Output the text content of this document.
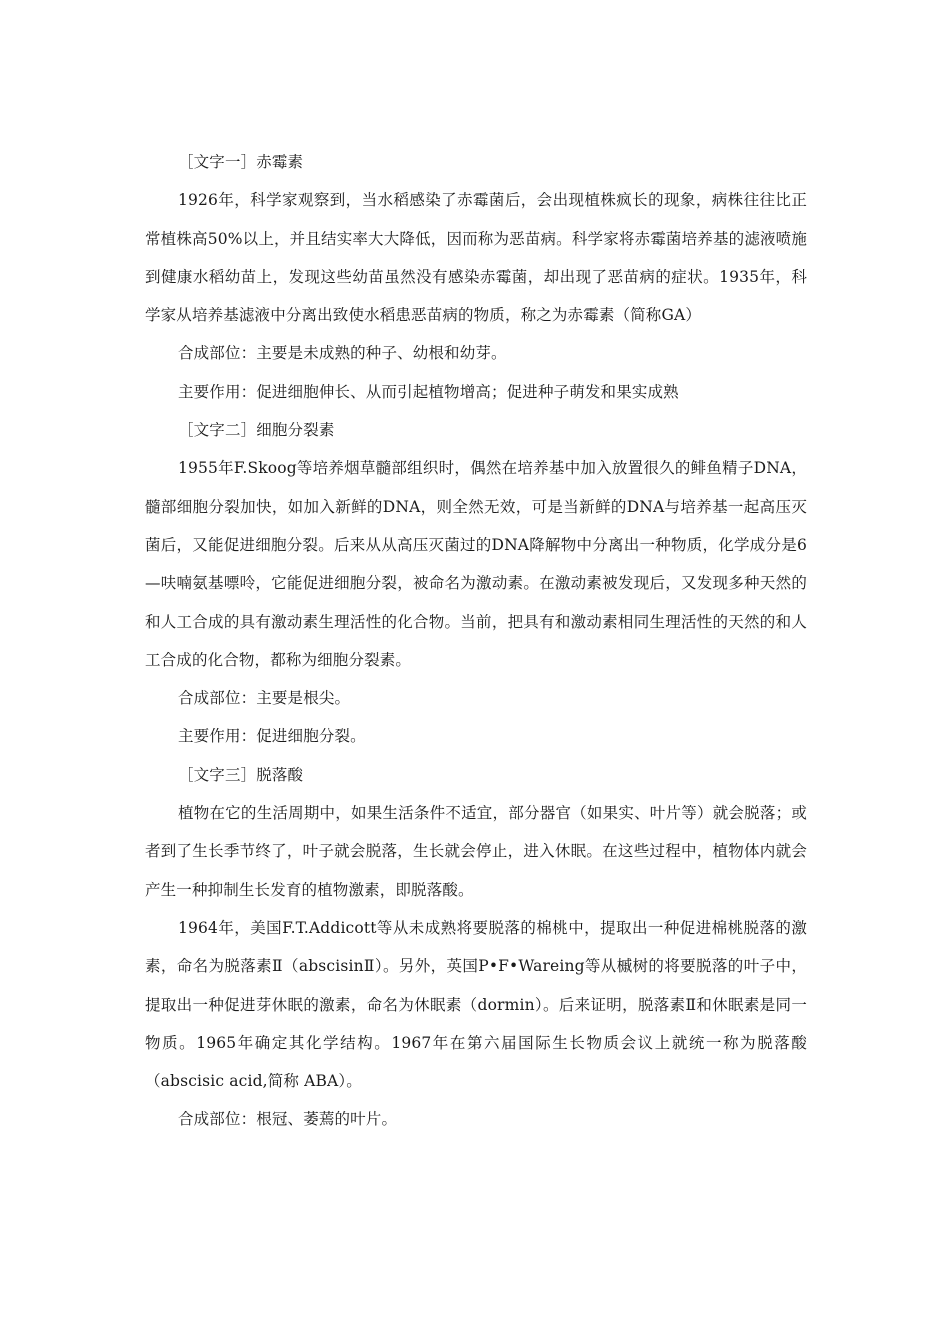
［文字一］赤霉素

1926年，科学家观察到，当水稻感染了赤霉菌后，会出现植株疯长的现象，病株往往比正常植株高50%以上，并且结实率大大降低，因而称为恶苗病。科学家将赤霉菌培养基的滤液喷施到健康水稻幼苗上，发现这些幼苗虽然没有感染赤霉菌，却出现了恶苗病的症状。1935年，科学家从培养基滤液中分离出致使水稻患恶苗病的物质，称之为赤霉素（简称GA）

合成部位：主要是未成熟的种子、幼根和幼芽。

主要作用：促进细胞伸长、从而引起植物增高；促进种子萌发和果实成熟

［文字二］细胞分裂素

1955年F.Skoog等培养烟草髓部组织时，偶然在培养基中加入放置很久的鲱鱼精子DNA，髓部细胞分裂加快，如加入新鲜的DNA，则全然无效，可是当新鲜的DNA与培养基一起高压灭菌后，又能促进细胞分裂。后来从从高压灭菌过的DNA降解物中分离出一种物质，化学成分是6—呋喃氨基嘌呤，它能促进细胞分裂，被命名为激动素。在激动素被发现后，又发现多种天然的和人工合成的具有激动素生理活性的化合物。当前，把具有和激动素相同生理活性的天然的和人工合成的化合物，都称为细胞分裂素。

合成部位：主要是根尖。

主要作用：促进细胞分裂。

［文字三］脱落酸

植物在它的生活周期中，如果生活条件不适宜，部分器官（如果实、叶片等）就会脱落；或者到了生长季节终了，叶子就会脱落，生长就会停止，进入休眠。在这些过程中，植物体内就会产生一种抑制生长发育的植物激素，即脱落酸。

1964年，美国F.T.Addicott等从未成熟将要脱落的棉桃中，提取出一种促进棉桃脱落的激素，命名为脱落素Ⅱ（abscisinⅡ）。另外，英国P•F•Wareing等从槭树的将要脱落的叶子中，提取出一种促进芽休眠的激素，命名为休眠素（dormin）。后来证明，脱落素Ⅱ和休眠素是同一物质。1965年确定其化学结构。1967年在第六届国际生长物质会议上就统一称为脱落酸（abscisic acid,简称 ABA）。

合成部位：根冠、萎蔫的叶片。
